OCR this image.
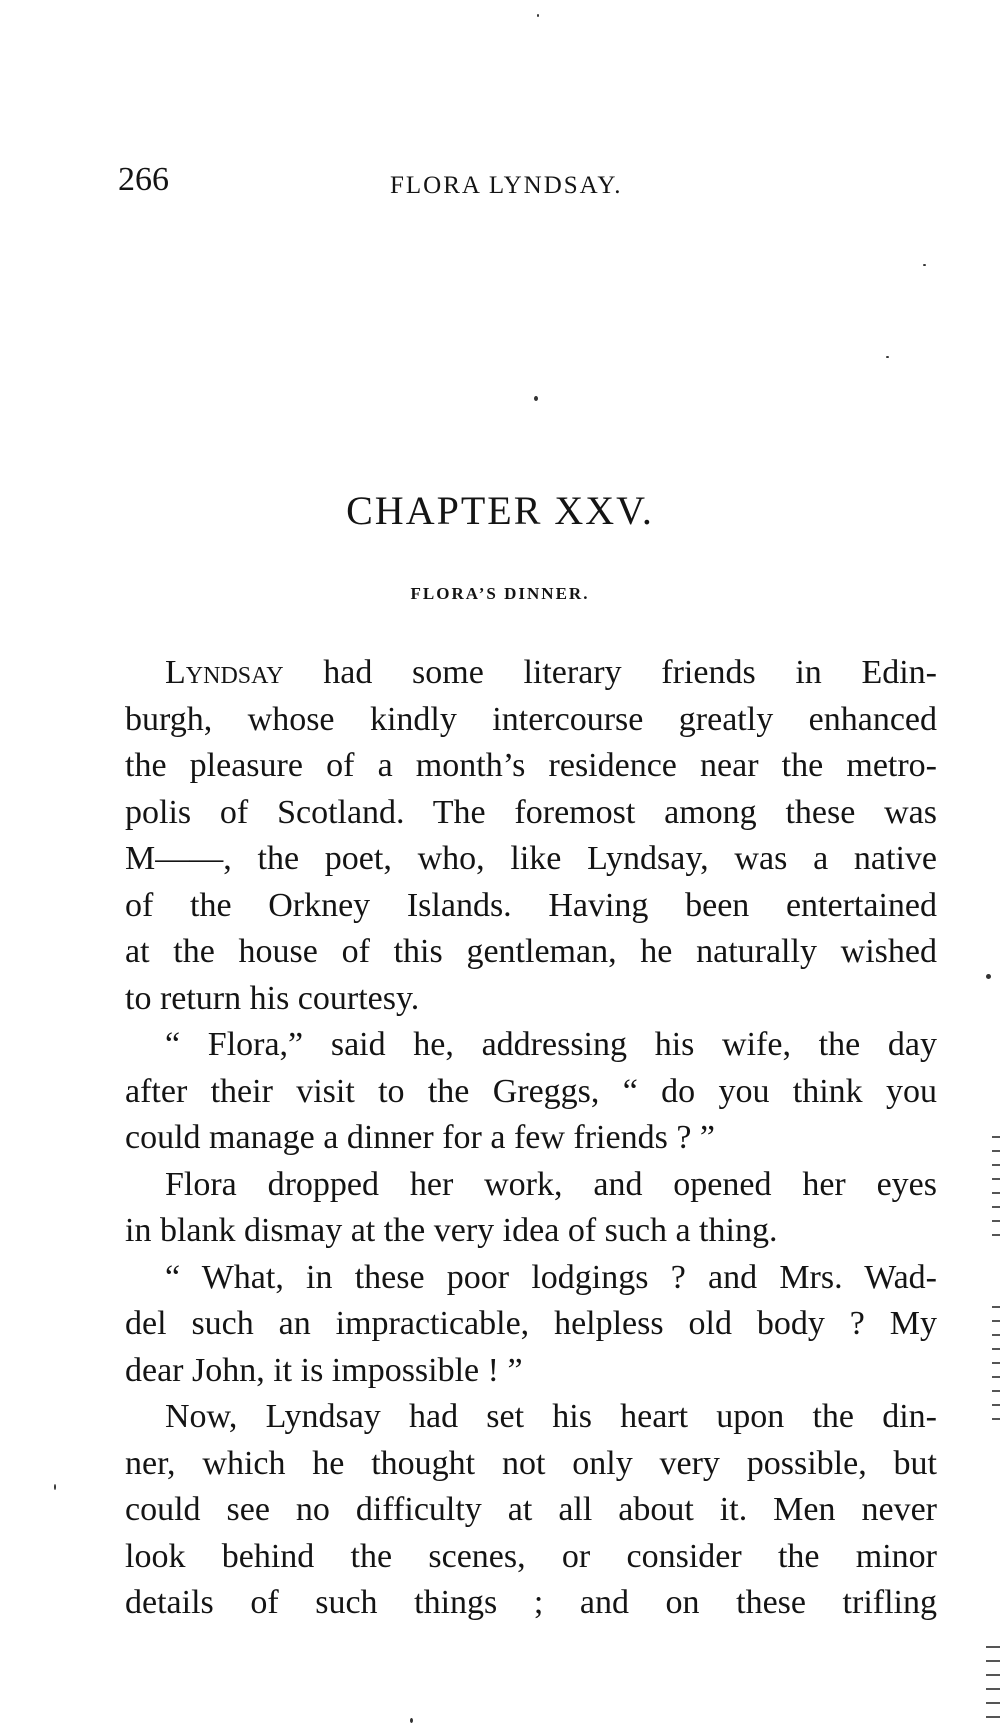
266	FLORA LYNDSAY.
CHAPTER XXV.
FLORA’S DINNER.
Lyndsay had some literary friends in Edin-
burgh, whose kindly intercourse greatly enhanced
the pleasure of a month’s residence near the metro-
polis of Scotland. The foremost among these was
M——, the poet, who, like Lyndsay, was a native
of the Orkney Islands. Having been entertained
at the house of this gentleman, he naturally wished
to return his courtesy.
“ Flora,” said he, addressing his wife, the day
after their visit to the Greggs, “ do you think you
could manage a dinner for a few friends ? ”
Flora dropped her work, and opened her eyes
in blank dismay at the very idea of such a thing.
“ What, in these poor lodgings ? and Mrs. Wad-
del such an impracticable, helpless old body ? My
dear John, it is impossible ! ”
Now, Lyndsay had set his heart upon the din-
ner, which he thought not only very possible, but
could see no difficulty at all about it. Men never
look behind the scenes, or consider the minor
details of such things ; and on these trifling
